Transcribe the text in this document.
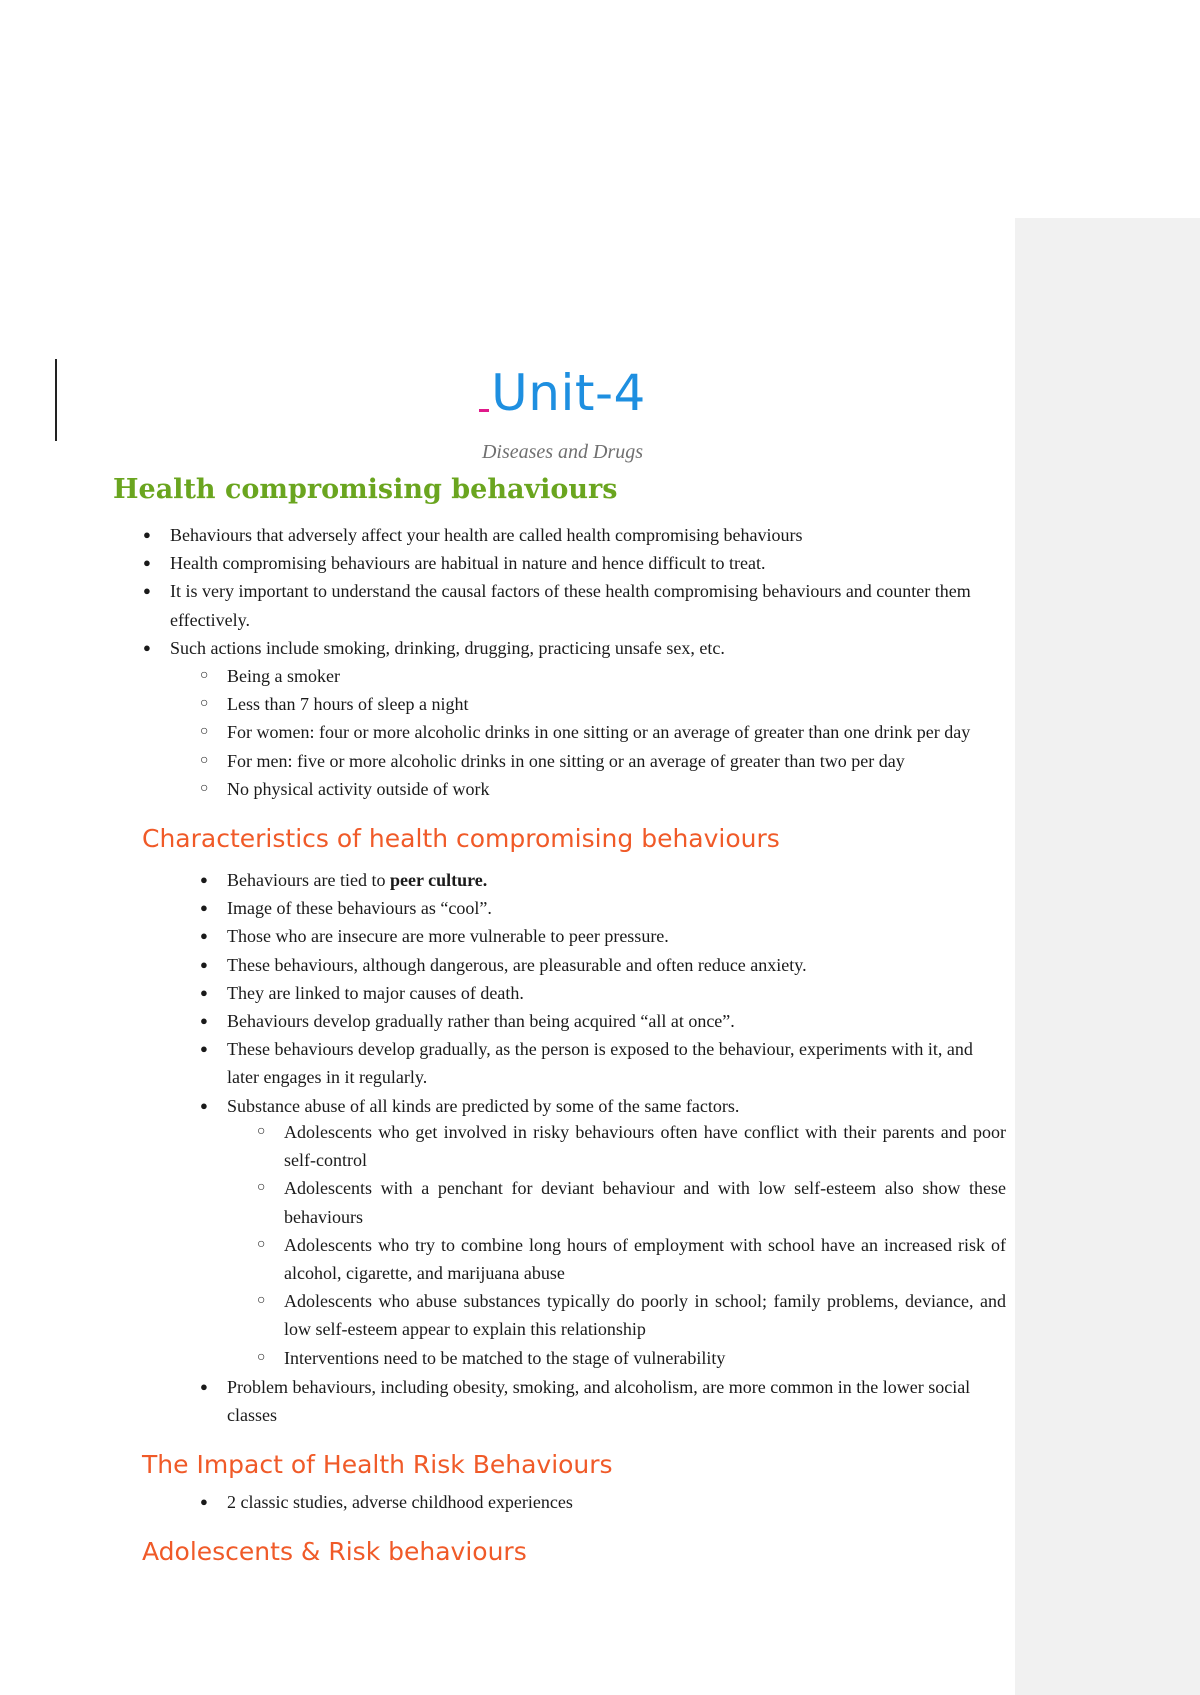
Unit-4
Diseases and Drugs
Health compromising behaviours
● Behaviours that adversely affect your health are called health compromising behaviours
● Health compromising behaviours are habitual in nature and hence difficult to treat.
● It is very important to understand the causal factors of these health compromising behaviours and counter them effectively.
● Such actions include smoking, drinking, drugging, practicing unsafe sex, etc.
○ Being a smoker
○ Less than 7 hours of sleep a night
○ For women: four or more alcoholic drinks in one sitting or an average of greater than one drink per day
○ For men: five or more alcoholic drinks in one sitting or an average of greater than two per day
○ No physical activity outside of work
Characteristics of health compromising behaviours
● Behaviours are tied to peer culture.
● Image of these behaviours as “cool”.
● Those who are insecure are more vulnerable to peer pressure.
● These behaviours, although dangerous, are pleasurable and often reduce anxiety.
● They are linked to major causes of death.
● Behaviours develop gradually rather than being acquired “all at once”.
● These behaviours develop gradually, as the person is exposed to the behaviour, experiments with it, and later engages in it regularly.
● Substance abuse of all kinds are predicted by some of the same factors.
○ Adolescents who get involved in risky behaviours often have conflict with their parents and poor self-control
○ Adolescents with a penchant for deviant behaviour and with low self-esteem also show these behaviours
○ Adolescents who try to combine long hours of employment with school have an increased risk of alcohol, cigarette, and marijuana abuse
○ Adolescents who abuse substances typically do poorly in school; family problems, deviance, and low self-esteem appear to explain this relationship
○ Interventions need to be matched to the stage of vulnerability
● Problem behaviours, including obesity, smoking, and alcoholism, are more common in the lower social classes
The Impact of Health Risk Behaviours
● 2 classic studies, adverse childhood experiences
Adolescents & Risk behaviours
